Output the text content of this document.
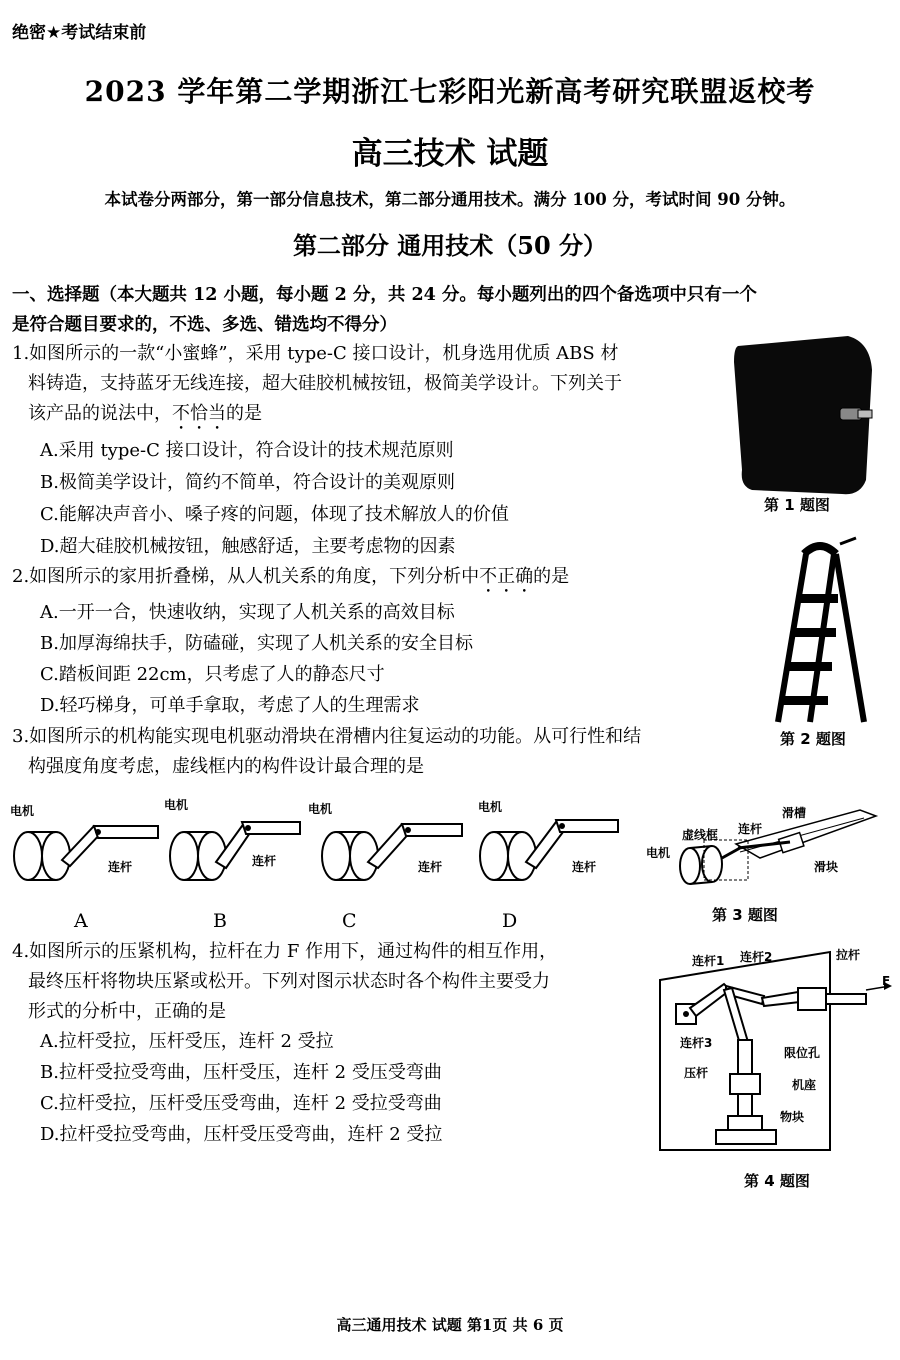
绝密★考试结束前
2023 学年第二学期浙江七彩阳光新高考研究联盟返校考
高三技术 试题
本试卷分两部分，第一部分信息技术，第二部分通用技术。满分 100 分，考试时间 90 分钟。
第二部分 通用技术（50 分）
一、选择题（本大题共 12 小题，每小题 2 分，共 24 分。每小题列出的四个备选项中只有一个
是符合题目要求的，不选、多选、错选均不得分）
1.如图所示的一款“小蜜蜂”，采用 type-C 接口设计，机身选用优质 ABS 材
料铸造，支持蓝牙无线连接，超大硅胶机械按钮，极简美学设计。下列关于
该产品的说法中，不恰当的是
A.采用 type-C 接口设计，符合设计的技术规范原则
B.极简美学设计，简约不简单，符合设计的美观原则
C.能解决声音小、嗓子疼的问题，体现了技术解放人的价值
D.超大硅胶机械按钮，触感舒适，主要考虑物的因素
第 1 题图
2.如图所示的家用折叠梯，从人机关系的角度，下列分析中不正确的是
A.一开一合，快速收纳，实现了人机关系的高效目标
B.加厚海绵扶手，防磕碰，实现了人机关系的安全目标
C.踏板间距 22cm，只考虑了人的静态尺寸
D.轻巧梯身，可单手拿取，考虑了人的生理需求
第 2 题图
3.如图所示的机构能实现电机驱动滑块在滑槽内往复运动的功能。从可行性和结
构强度角度考虑，虚线框内的构件设计最合理的是
电机
连杆
电机
连杆
电机
连杆
电机
连杆
A	B	C	D
虚线框 连杆
滑槽
电机
滑块
第 3 题图
4.如图所示的压紧机构，拉杆在力 F 作用下，通过构件的相互作用，
最终压杆将物块压紧或松开。下列对图示状态时各个构件主要受力
形式的分析中，正确的是
A.拉杆受拉，压杆受压，连杆 2 受拉
B.拉杆受拉受弯曲，压杆受压，连杆 2 受压受弯曲
C.拉杆受拉，压杆受压受弯曲，连杆 2 受拉受弯曲
D.拉杆受拉受弯曲，压杆受压受弯曲，连杆 2 受拉
连杆1 连杆2	拉杆
F
连杆3
限位孔
压杆
机座
物块
第 4 题图
高三通用技术 试题 第1页 共 6 页
